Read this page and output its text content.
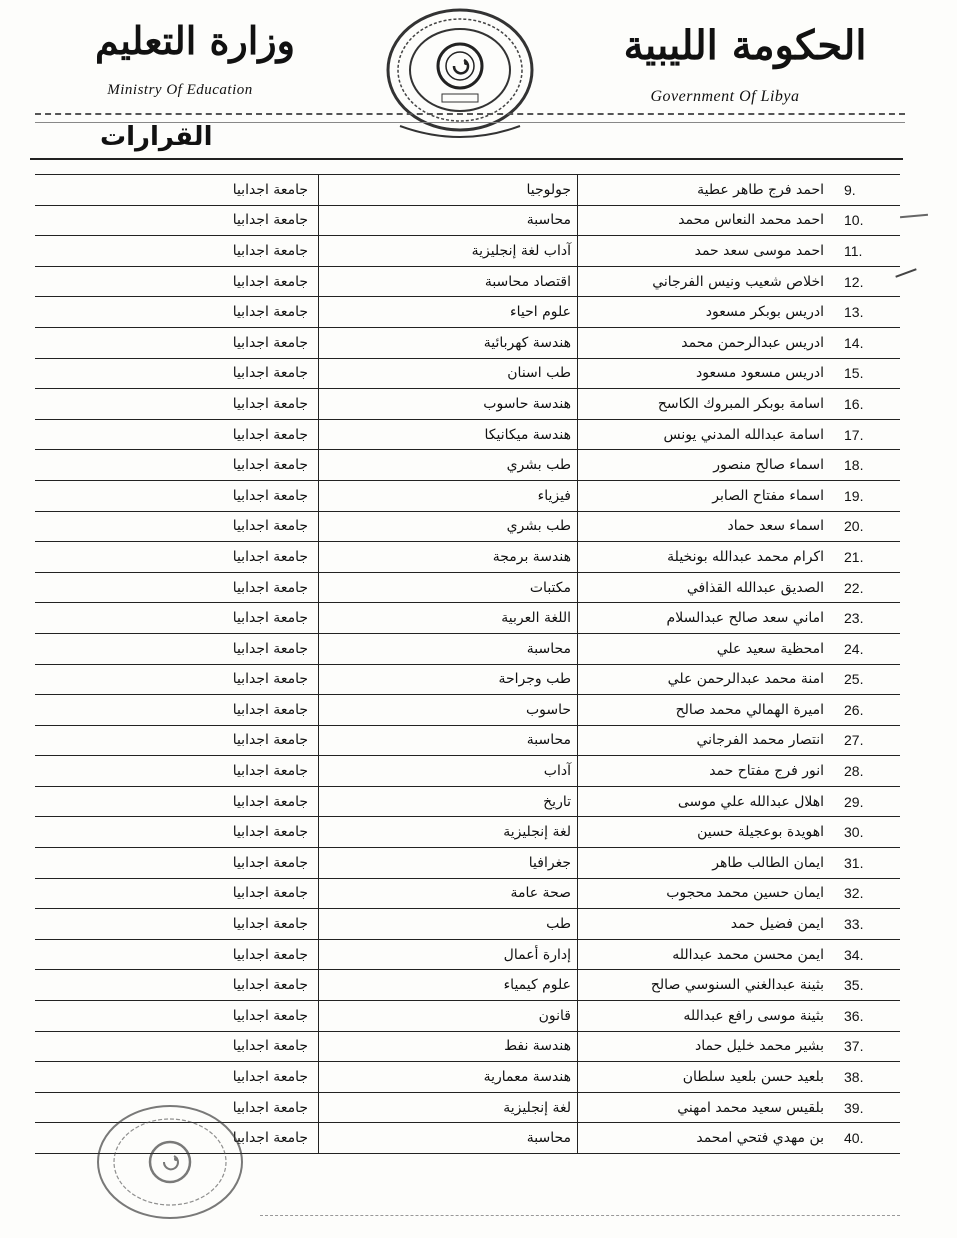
وزارة التعليم
Ministry Of Education
الحكومة الليبية
Government Of Libya
القرارات
9.	احمد فرج طاهر عطية	جولوجيا	جامعة اجدابيا
10.	احمد محمد النعاس محمد	محاسبة	جامعة اجدابيا
11.	احمد موسى سعد حمد	آداب لغة إنجليزية	جامعة اجدابيا
12.	اخلاص شعيب ونيس الفرجاني	اقتصاد محاسبة	جامعة اجدابيا
13.	ادريس بوبكر مسعود	علوم احياء	جامعة اجدابيا
14.	ادريس عبدالرحمن محمد	هندسة كهربائية	جامعة اجدابيا
15.	ادريس مسعود مسعود	طب اسنان	جامعة اجدابيا
16.	اسامة بوبكر المبروك الكاسح	هندسة حاسوب	جامعة اجدابيا
17.	اسامة عبدالله المدني يونس	هندسة ميكانيكا	جامعة اجدابيا
18.	اسماء صالح منصور	طب بشري	جامعة اجدابيا
19.	اسماء مفتاح الصابر	فيزياء	جامعة اجدابيا
20.	اسماء سعد حماد	طب بشري	جامعة اجدابيا
21.	اكرام محمد عبدالله بونخيلة	هندسة برمجة	جامعة اجدابيا
22.	الصديق عبدالله القذافي	مكتبات	جامعة اجدابيا
23.	اماني سعد صالح عبدالسلام	اللغة العربية	جامعة اجدابيا
24.	امحظية سعيد علي	محاسبة	جامعة اجدابيا
25.	امنة محمد عبدالرحمن علي	طب وجراحة	جامعة اجدابيا
26.	اميرة الهمالي محمد صالح	حاسوب	جامعة اجدابيا
27.	انتصار محمد الفرجاني	محاسبة	جامعة اجدابيا
28.	انور فرج مفتاح حمد	آداب	جامعة اجدابيا
29.	اهلال عبدالله علي موسى	تاريخ	جامعة اجدابيا
30.	اهويدة بوعجيلة حسين	لغة إنجليزية	جامعة اجدابيا
31.	ايمان الطالب طاهر	جغرافيا	جامعة اجدابيا
32.	ايمان حسين محمد محجوب	صحة عامة	جامعة اجدابيا
33.	ايمن فضيل حمد	طب	جامعة اجدابيا
34.	ايمن محسن محمد عبدالله	إدارة أعمال	جامعة اجدابيا
35.	بثينة عبدالغني السنوسي صالح	علوم كيمياء	جامعة اجدابيا
36.	بثينة موسى رافع عبدالله	قانون	جامعة اجدابيا
37.	بشير محمد خليل حماد	هندسة نفط	جامعة اجدابيا
38.	بلعيد حسن بلعيد سلطان	هندسة معمارية	جامعة اجدابيا
39.	بلقيس سعيد محمد امهني	لغة إنجليزية	جامعة اجدابيا
40.	بن مهدي فتحي امحمد	محاسبة	جامعة اجدابيا
